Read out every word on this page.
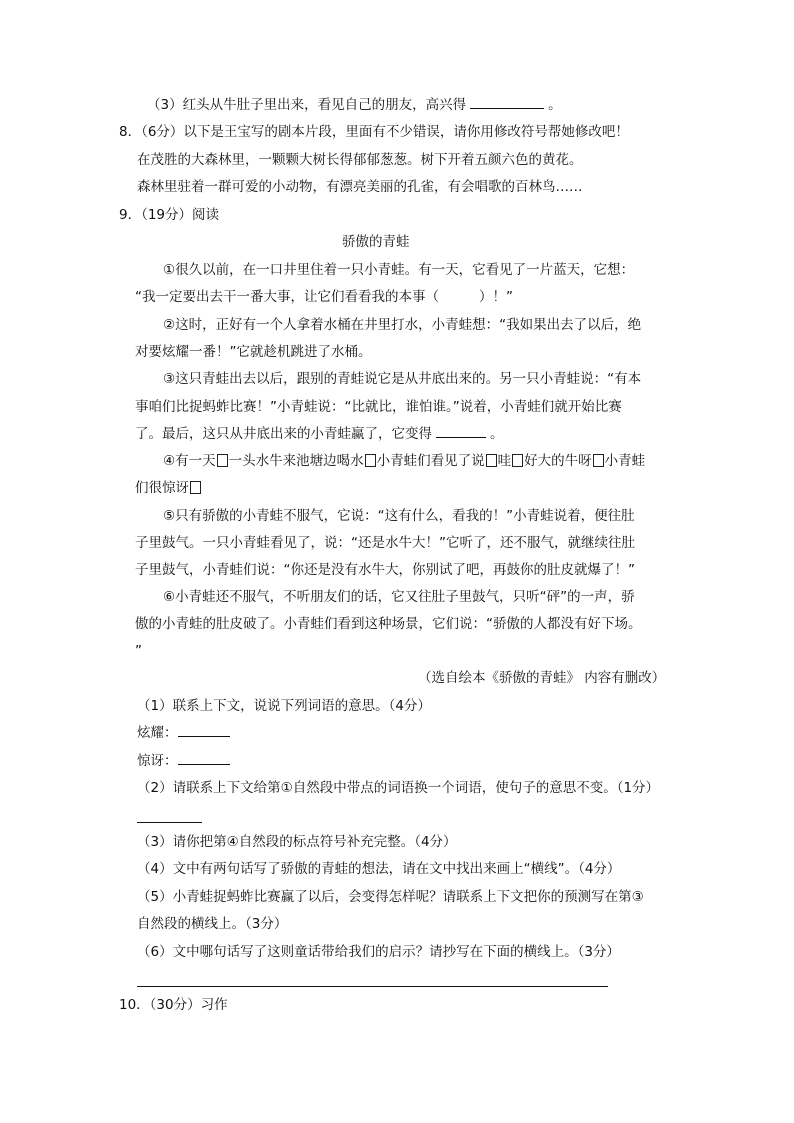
（3）红头从牛肚子里出来，看见自己的朋友，高兴得	。
8．（6分）以下是王宝写的剧本片段，里面有不少错误，请你用修改符号帮她修改吧！
在茂胜的大森林里，一颗颗大树长得郁郁葱葱。树下开着五颜六色的黄花。
森林里驻着一群可爱的小动物，有漂亮美丽的孔雀，有会唱歌的百林鸟……
9．（19分）阅读
骄傲的青蛙
①很久以前，在一口井里住着一只小青蛙。有一天，它看见了一片蓝天，它想：
“我一定要出去干一番大事，让它们看看我的本事（	）！”
②这时，正好有一个人拿着水桶在井里打水，小青蛙想：“我如果出去了以后，绝
对要炫耀一番！”它就趁机跳进了水桶。
③这只青蛙出去以后，跟别的青蛙说它是从井底出来的。另一只小青蛙说：“有本
事咱们比捉蚂蚱比赛！”小青蛙说：“比就比，谁怕谁。”说着，小青蛙们就开始比赛
了。最后，这只从井底出来的小青蛙赢了，它变得	。
④有一天 一头水牛来池塘边喝水 小青蛙们看见了说 哇 好大的牛呀 小青蛙
们很惊讶
⑤只有骄傲的小青蛙不服气，它说：“这有什么，看我的！”小青蛙说着，便往肚
子里鼓气。一只小青蛙看见了，说：“还是水牛大！”它听了，还不服气，就继续往肚
子里鼓气，小青蛙们说：“你还是没有水牛大，你别试了吧，再鼓你的肚皮就爆了！”
⑥小青蛙还不服气，不听朋友们的话，它又往肚子里鼓气，只听“砰”的一声，骄
傲的小青蛙的肚皮破了。小青蛙们看到这种场景，它们说：“骄傲的人都没有好下场。
”
（选自绘本《骄傲的青蛙》 内容有删改）
（1）联系上下文，说说下列词语的意思。（4分）
炫耀：
惊讶：
（2）请联系上下文给第①自然段中带点的词语换一个词语，使句子的意思不变。（1分）
（3）请你把第④自然段的标点符号补充完整。（4分）
（4）文中有两句话写了骄傲的青蛙的想法，请在文中找出来画上“横线”。（4分）
（5）小青蛙捉蚂蚱比赛赢了以后，会变得怎样呢？请联系上下文把你的预测写在第③
自然段的横线上。（3分）
（6）文中哪句话写了这则童话带给我们的启示？请抄写在下面的横线上。（3分）
10．（30分）习作
